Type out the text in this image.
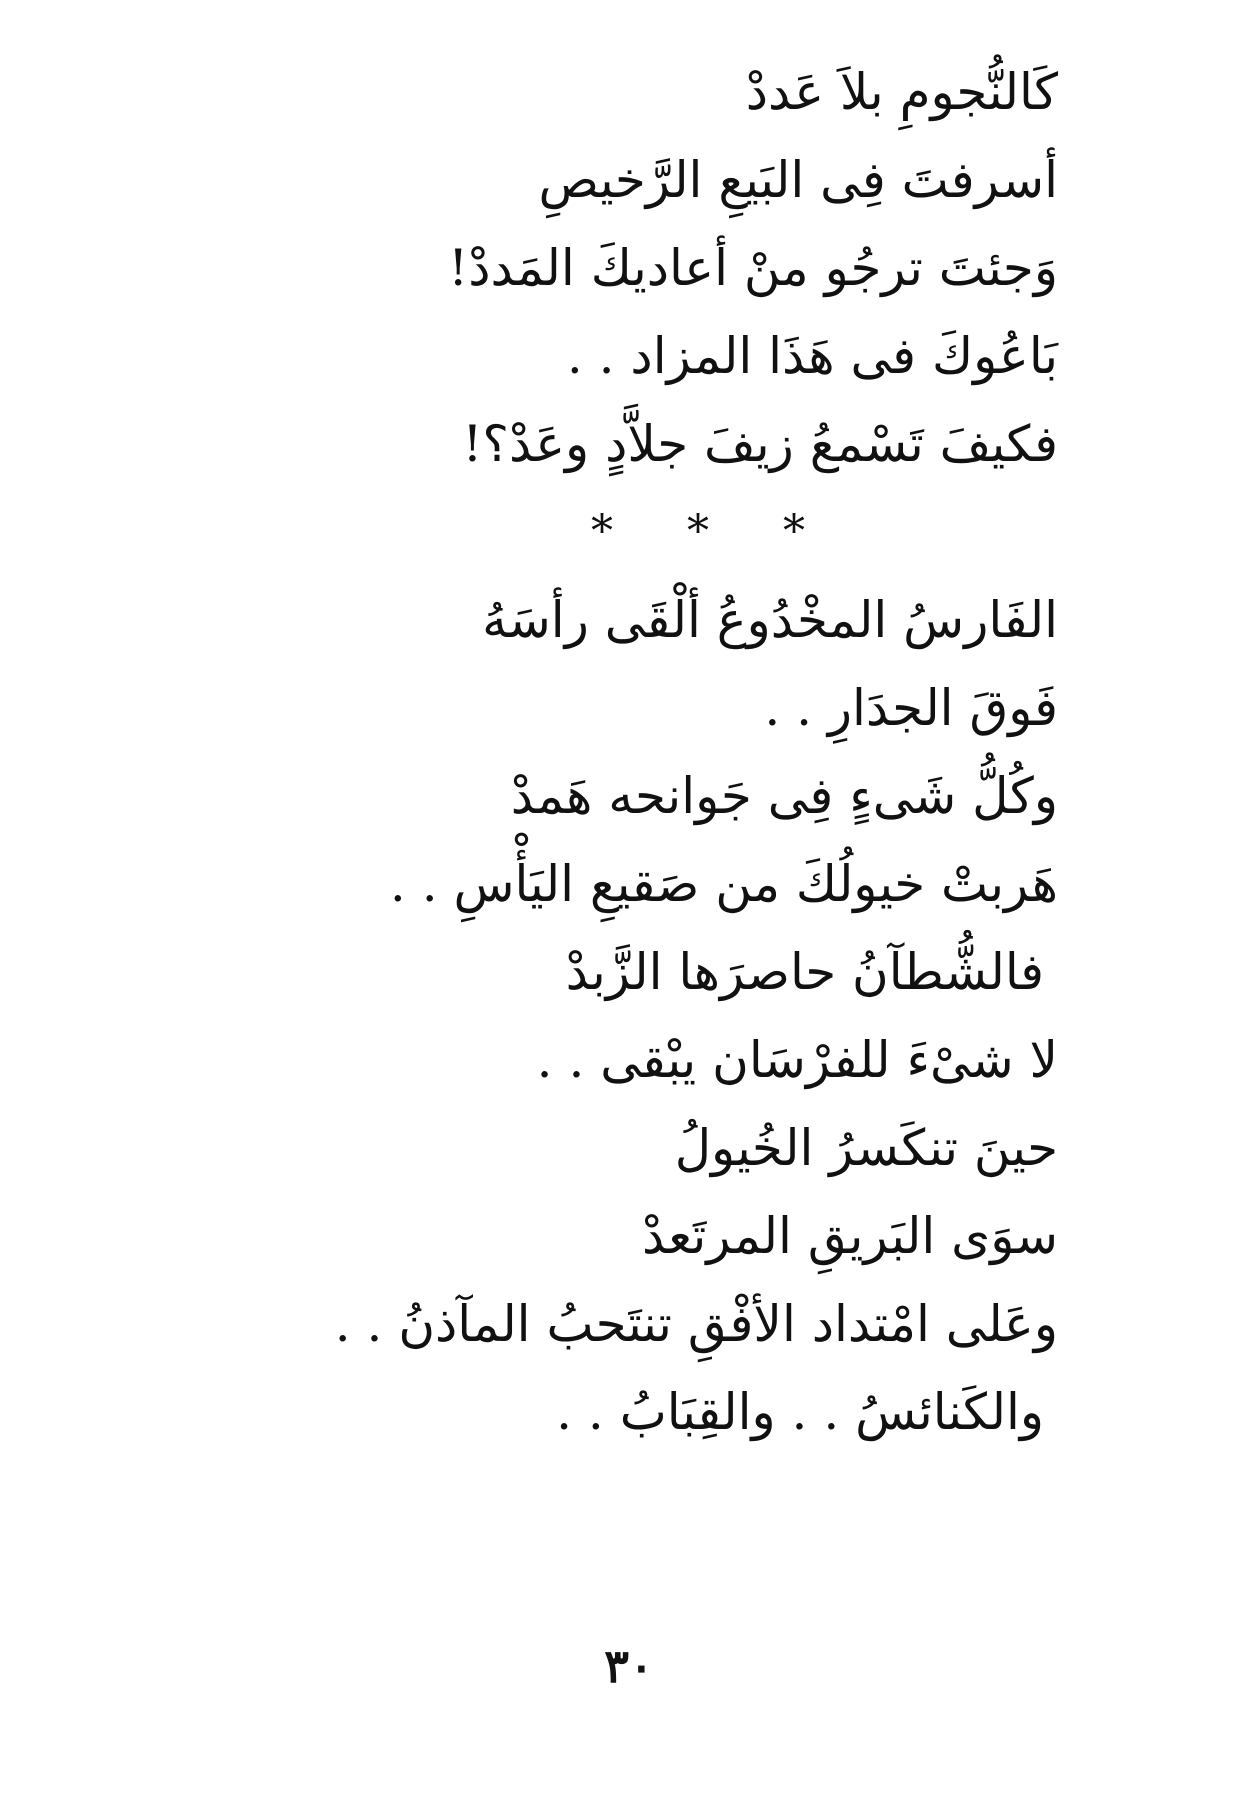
كَالنُّجومِ بلاَ عَددْ
أسرفتَ فِى البَيعِ الرَّخيصِ
وَجئتَ ترجُو منْ أعاديكَ المَددْ!
بَاعُوكَ فى هَذَا المزاد . .
فكيفَ تَسْمعُ زيفَ جلاَّدٍ وعَدْ؟!
* * *
الفَارسُ المخْدُوعُ ألْقَى رأسَهُ
فَوقَ الجدَارِ . .
وكُلُّ شَىءٍ فِى جَوانحه هَمدْ
هَربتْ خيولُكَ من صَقيعِ اليَأْسِ . .
فالشُّطآنُ حاصرَها الزَّبدْ
لا شىْءَ للفرْسَان يبْقى . .
حينَ تنكَسرُ الخُيولُ
سوَى البَريقِ المرتَعدْ
وعَلى امْتداد الأفْقِ تنتَحبُ المآذنُ . .
والكَنائسُ . . والقِبَابُ . .
٣٠
